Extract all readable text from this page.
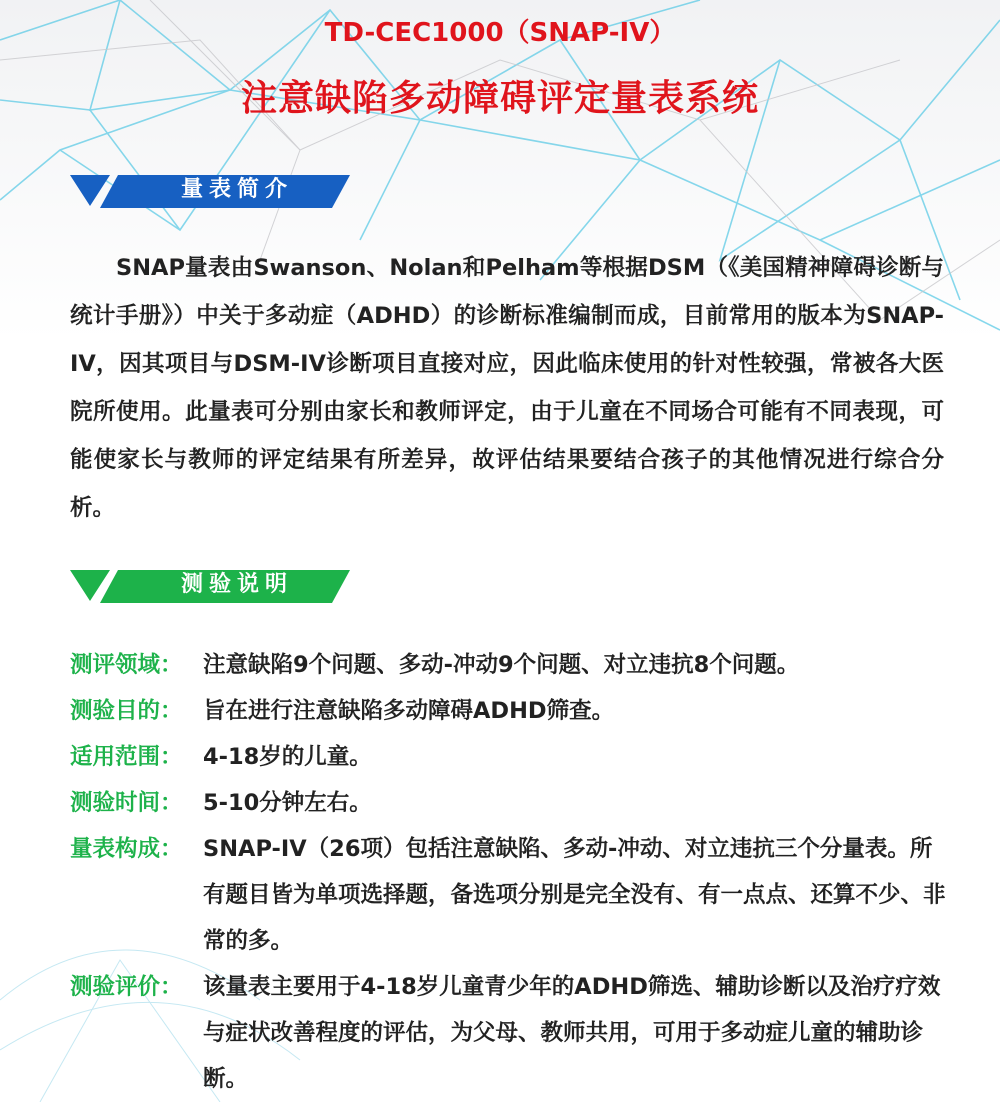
TD-CEC1000（SNAP-IV）
注意缺陷多动障碍评定量表系统
量表简介
SNAP量表由Swanson、Nolan和Pelham等根据DSM（《美国精神障碍诊断与统计手册》）中关于多动症（ADHD）的诊断标准编制而成，目前常用的版本为SNAP-IV，因其项目与DSM-IV诊断项目直接对应，因此临床使用的针对性较强，常被各大医院所使用。此量表可分别由家长和教师评定，由于儿童在不同场合可能有不同表现，可能使家长与教师的评定结果有所差异，故评估结果要结合孩子的其他情况进行综合分析。
测验说明
测评领域： 注意缺陷9个问题、多动-冲动9个问题、对立违抗8个问题。
测验目的： 旨在进行注意缺陷多动障碍ADHD筛查。
适用范围： 4-18岁的儿童。
测验时间： 5-10分钟左右。
量表构成： SNAP-IV（26项）包括注意缺陷、多动-冲动、对立违抗三个分量表。所有题目皆为单项选择题，备选项分别是完全没有、有一点点、还算不少、非常的多。
测验评价： 该量表主要用于4-18岁儿童青少年的ADHD筛选、辅助诊断以及治疗疗效与症状改善程度的评估，为父母、教师共用，可用于多动症儿童的辅助诊断。
